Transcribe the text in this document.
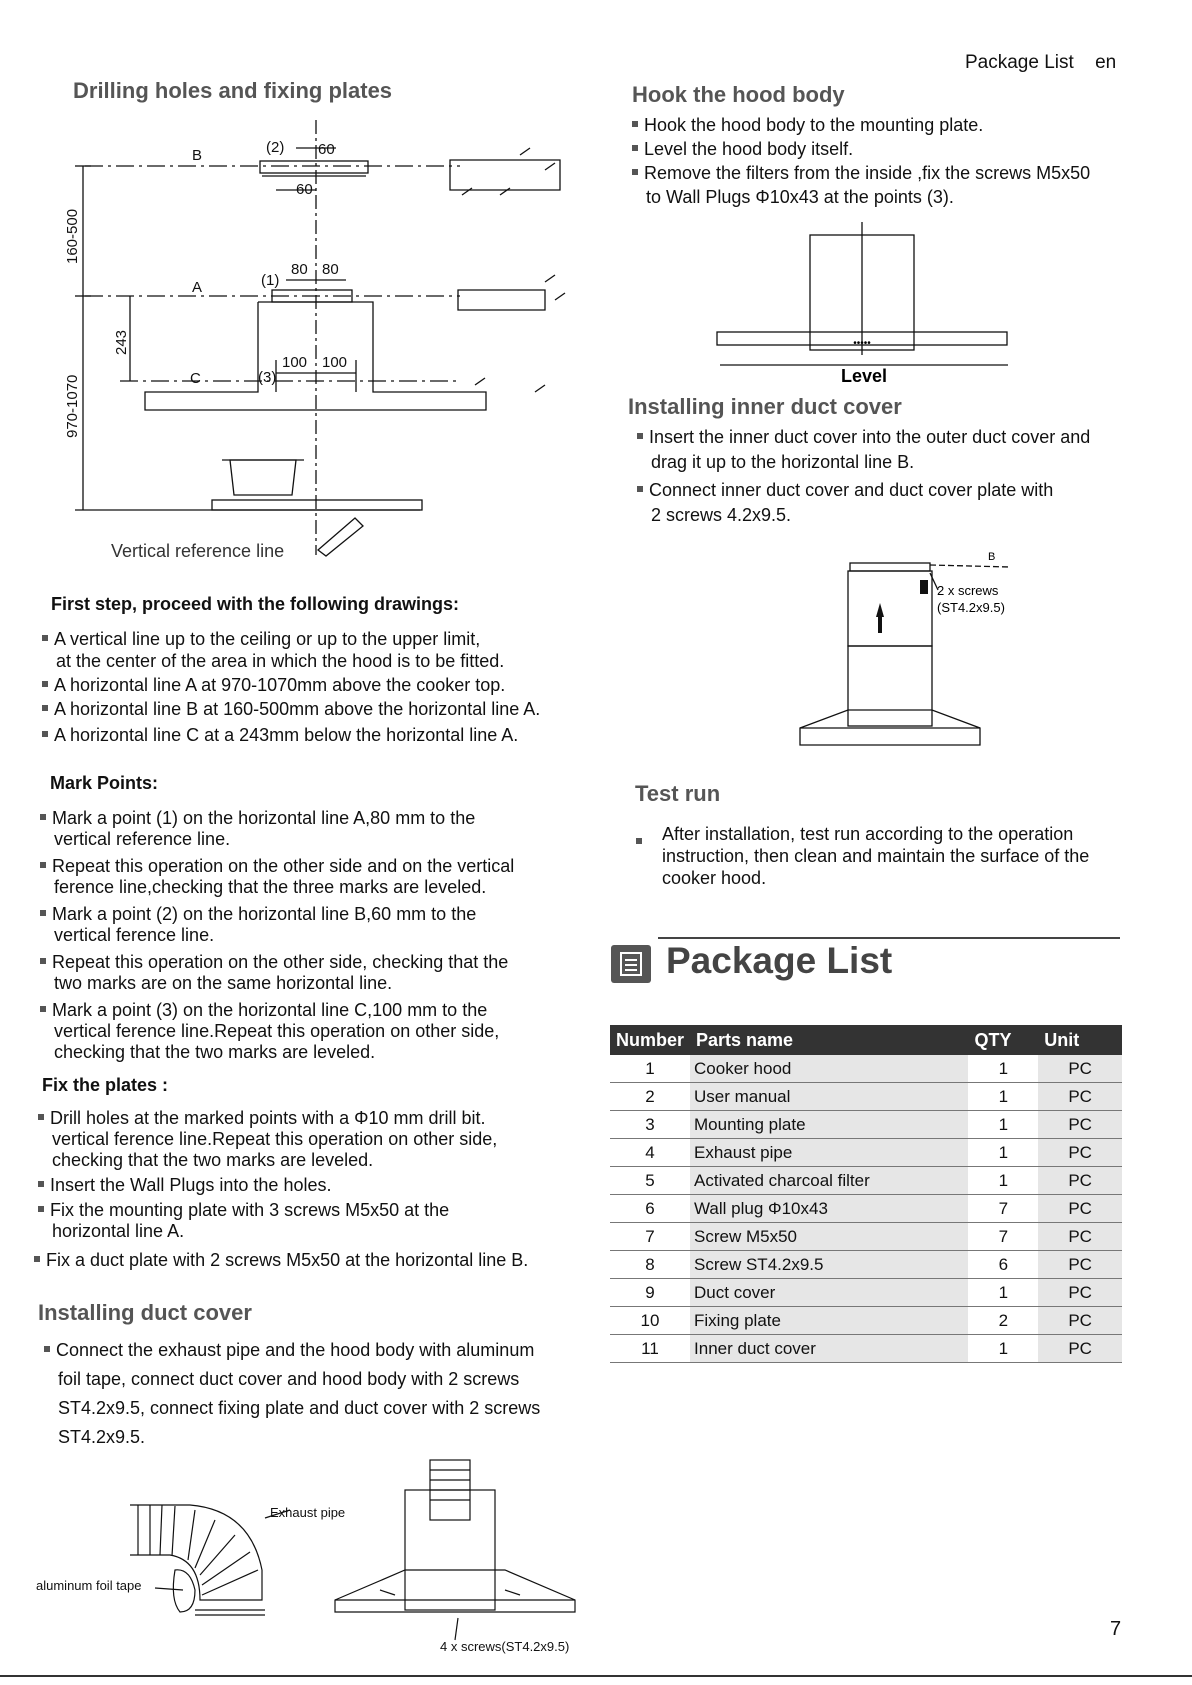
Package List en
Drilling holes and fixing plates
B
A
C
(2)
(1)
(3)
60
60
80 80
100 100
160-500
243
970-1070
Vertical reference line
First step, proceed with the following drawings:
A vertical line up to the ceiling or up to the upper limit,
at the center of the area in which the hood is to be fitted.
A horizontal line A at 970-1070mm above the cooker top.
A horizontal line B at 160-500mm above the horizontal line A.
A horizontal line C at a 243mm below the horizontal line A.
Mark Points:
Mark a point (1) on the horizontal line A,80 mm to the
vertical reference line.
Repeat this operation on the other side and on the vertical
ference line,checking that the three marks are leveled.
Mark a point (2) on the horizontal line B,60 mm to the
vertical ference line.
Repeat this operation on the other side, checking that the
two marks are on the same horizontal line.
Mark a point (3) on the horizontal line C,100 mm to the
vertical ference line.Repeat this operation on other side,
checking that the two marks are leveled.
Fix the plates :
Drill holes at the marked points with a Φ10 mm drill bit.
vertical ference line.Repeat this operation on other side,
checking that the two marks are leveled.
Insert the Wall Plugs into the holes.
Fix the mounting plate with 3 screws M5x50 at the
horizontal line A.
Fix a duct plate with 2 screws M5x50 at the horizontal line B.
Installing duct cover
Connect the exhaust pipe and the hood body with aluminum
foil tape, connect duct cover and hood body with 2 screws
ST4.2x9.5, connect fixing plate and duct cover with 2 screws
ST4.2x9.5.
Exhaust pipe
aluminum foil tape
4 x screws(ST4.2x9.5)
Hook the hood body
Hook the hood body to the mounting plate.
Level the hood body itself.
Remove the filters from the inside ,fix the screws M5x50
to Wall Plugs Φ10x43 at the points (3).
•••••
Level
Installing inner duct cover
Insert the inner duct cover into the outer duct cover and
drag it up to the horizontal line B.
Connect inner duct cover and duct cover plate with
2 screws 4.2x9.5.
B
2 x screws
(ST4.2x9.5)
Test run
After installation, test run according to the operation
instruction, then clean and maintain the surface of the
cooker hood.
Package List
Number	Parts name	QTY	Unit
1	Cooker hood	1	PC
2	User manual	1	PC
3	Mounting plate	1	PC
4	Exhaust pipe	1	PC
5	Activated charcoal filter	1	PC
6	Wall plug Φ10x43	7	PC
7	Screw M5x50	7	PC
8	Screw ST4.2x9.5	6	PC
9	Duct cover	1	PC
10	Fixing plate	2	PC
11	Inner duct cover	1	PC
7
